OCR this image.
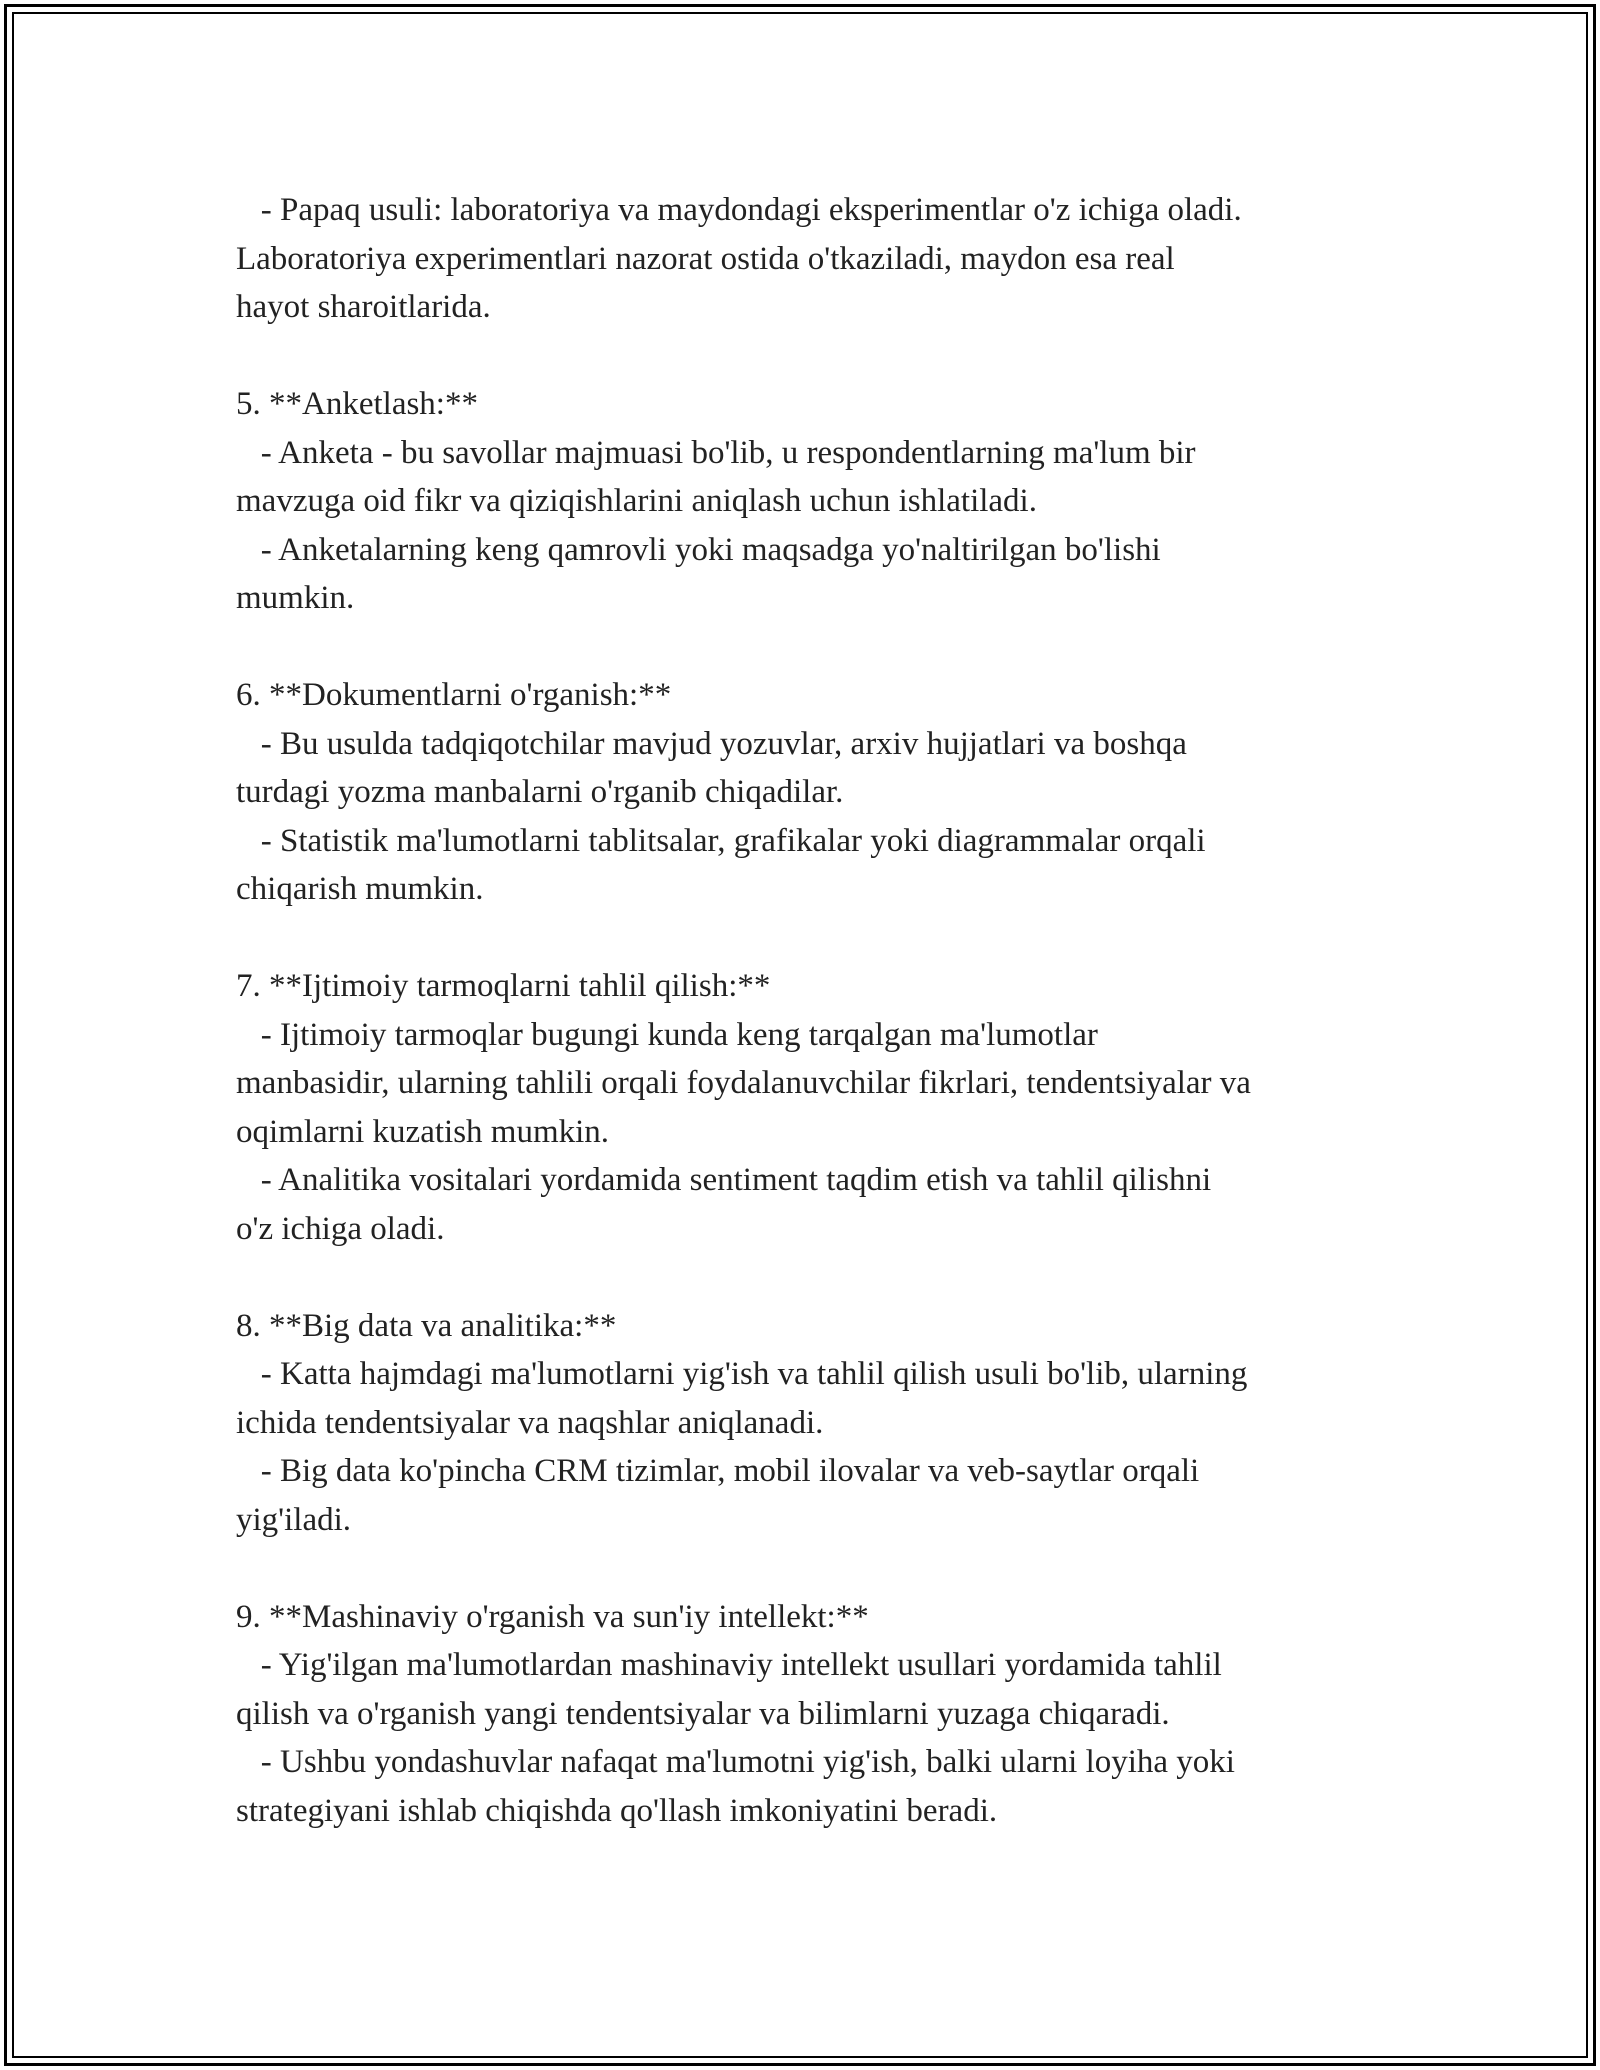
- Papaq usuli: laboratoriya va maydondagi eksperimentlar o'z ichiga oladi.
Laboratoriya experimentlari nazorat ostida o'tkaziladi, maydon esa real
hayot sharoitlarida.
5. **Anketlash:**
- Anketa - bu savollar majmuasi bo'lib, u respondentlarning ma'lum bir
mavzuga oid fikr va qiziqishlarini aniqlash uchun ishlatiladi.
- Anketalarning keng qamrovli yoki maqsadga yo'naltirilgan bo'lishi
mumkin.
6. **Dokumentlarni o'rganish:**
- Bu usulda tadqiqotchilar mavjud yozuvlar, arxiv hujjatlari va boshqa
turdagi yozma manbalarni o'rganib chiqadilar.
- Statistik ma'lumotlarni tablitsalar, grafikalar yoki diagrammalar orqali
chiqarish mumkin.
7. **Ijtimoiy tarmoqlarni tahlil qilish:**
- Ijtimoiy tarmoqlar bugungi kunda keng tarqalgan ma'lumotlar
manbasidir, ularning tahlili orqali foydalanuvchilar fikrlari, tendentsiyalar va
oqimlarni kuzatish mumkin.
- Analitika vositalari yordamida sentiment taqdim etish va tahlil qilishni
o'z ichiga oladi.
8. **Big data va analitika:**
- Katta hajmdagi ma'lumotlarni yig'ish va tahlil qilish usuli bo'lib, ularning
ichida tendentsiyalar va naqshlar aniqlanadi.
- Big data ko'pincha CRM tizimlar, mobil ilovalar va veb-saytlar orqali
yig'iladi.
9. **Mashinaviy o'rganish va sun'iy intellekt:**
- Yig'ilgan ma'lumotlardan mashinaviy intellekt usullari yordamida tahlil
qilish va o'rganish yangi tendentsiyalar va bilimlarni yuzaga chiqaradi.
- Ushbu yondashuvlar nafaqat ma'lumotni yig'ish, balki ularni loyiha yoki
strategiyani ishlab chiqishda qo'llash imkoniyatini beradi.
